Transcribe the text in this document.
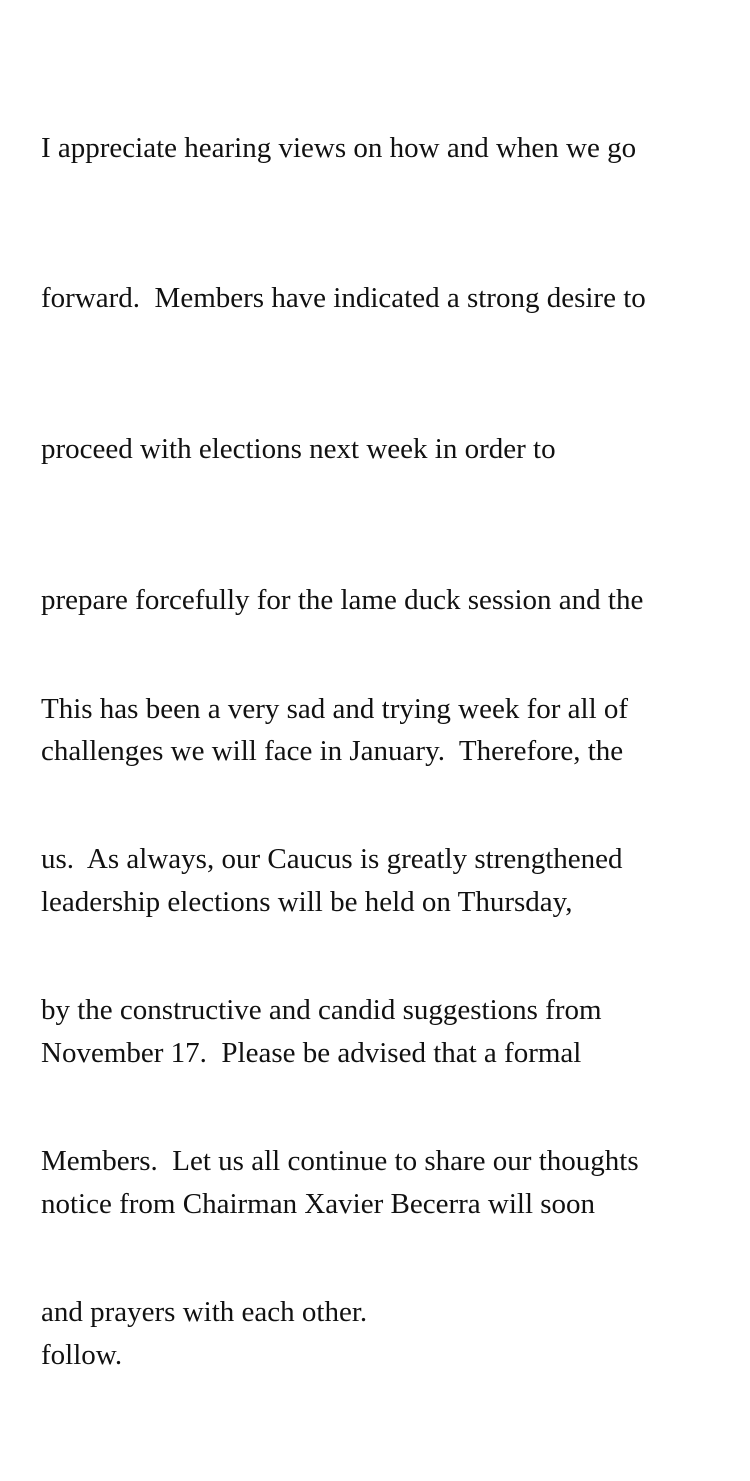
I appreciate hearing views on how and when we go

forward.  Members have indicated a strong desire to

proceed with elections next week in order to

prepare forcefully for the lame duck session and the

challenges we will face in January.  Therefore, the

leadership elections will be held on Thursday,

November 17.  Please be advised that a formal

notice from Chairman Xavier Becerra will soon

follow.

This has been a very sad and trying week for all of

us.  As always, our Caucus is greatly strengthened

by the constructive and candid suggestions from

Members.  Let us all continue to share our thoughts

and prayers with each other.
